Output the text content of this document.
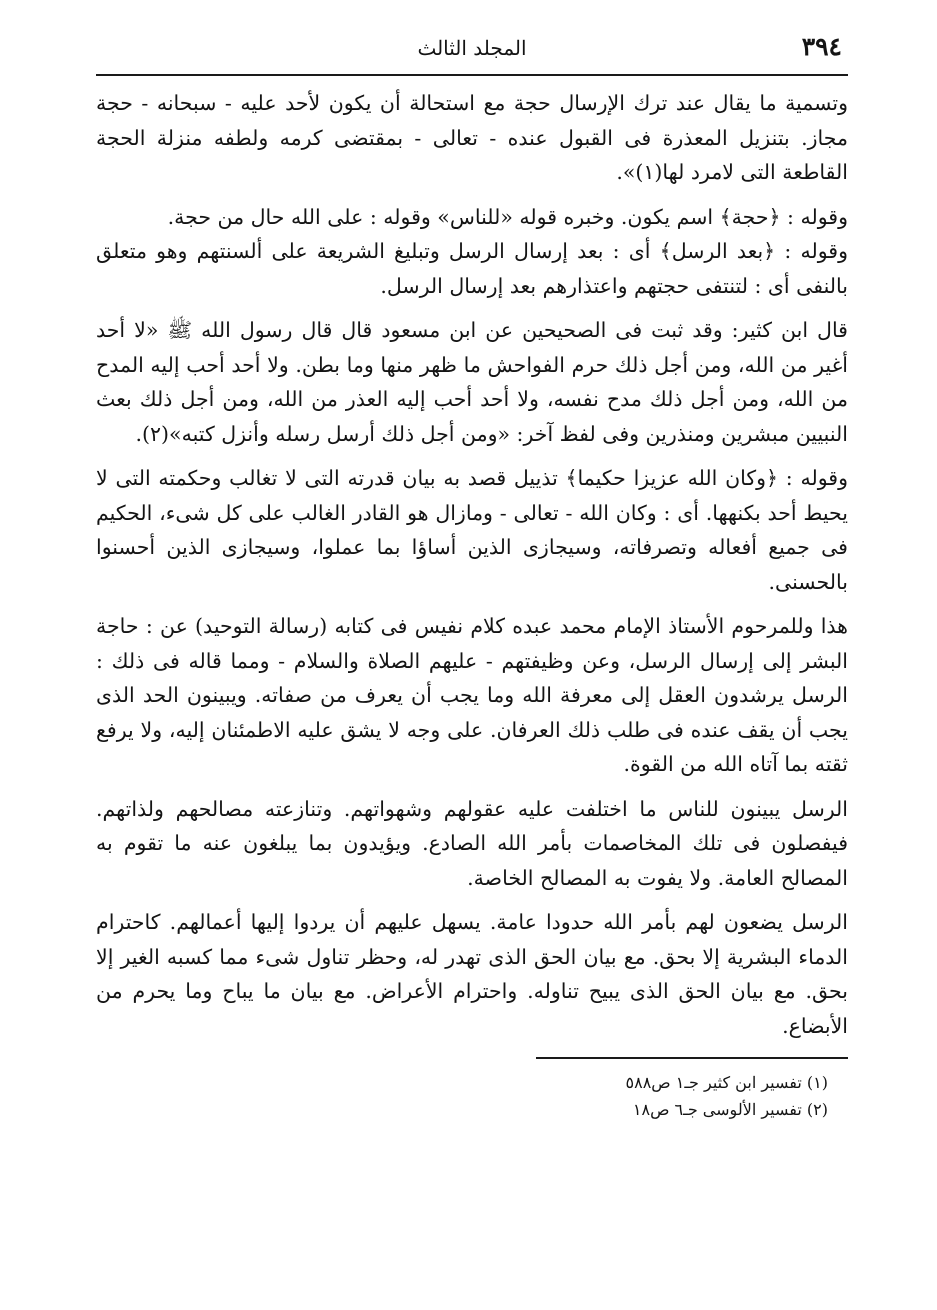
٣٩٤
المجلد الثالث

وتسمية ما يقال عند ترك الإرسال حجة مع استحالة أن يكون لأحد عليه - سبحانه - حجة مجاز. بتنزيل المعذرة فى القبول عنده - تعالى - بمقتضى كرمه ولطفه منزلة الحجة القاطعة التى لامرد لها(١)».

وقوله : ﴿حجة﴾ اسم يكون. وخبره قوله «للناس» وقوله : على الله حال من حجة.

وقوله : ﴿بعد الرسل﴾ أى : بعد إرسال الرسل وتبليغ الشريعة على ألسنتهم وهو متعلق بالنفى أى : لتنتفى حجتهم واعتذارهم بعد إرسال الرسل.

قال ابن كثير: وقد ثبت فى الصحيحين عن ابن مسعود قال قال رسول الله ﷺ «لا أحد أغير من الله، ومن أجل ذلك حرم الفواحش ما ظهر منها وما بطن. ولا أحد أحب إليه المدح من الله، ومن أجل ذلك مدح نفسه، ولا أحد أحب إليه العذر من الله، ومن أجل ذلك بعث النبيين مبشرين ومنذرين وفى لفظ آخر: «ومن أجل ذلك أرسل رسله وأنزل كتبه»(٢).

وقوله : ﴿وكان الله عزيزا حكيما﴾ تذييل قصد به بيان قدرته التى لا تغالب وحكمته التى لا يحيط أحد بكنهها. أى : وكان الله - تعالى - ومازال هو القادر الغالب على كل شىء، الحكيم فى جميع أفعاله وتصرفاته، وسيجازى الذين أساؤا بما عملوا، وسيجازى الذين أحسنوا بالحسنى.

هذا وللمرحوم الأستاذ الإمام محمد عبده كلام نفيس فى كتابه (رسالة التوحيد) عن : حاجة البشر إلى إرسال الرسل، وعن وظيفتهم - عليهم الصلاة والسلام - ومما قاله فى ذلك : الرسل يرشدون العقل إلى معرفة الله وما يجب أن يعرف من صفاته. ويبينون الحد الذى يجب أن يقف عنده فى طلب ذلك العرفان. على وجه لا يشق عليه الاطمئنان إليه، ولا يرفع ثقته بما آتاه الله من القوة.

الرسل يبينون للناس ما اختلفت عليه عقولهم وشهواتهم. وتنازعته مصالحهم ولذاتهم. فيفصلون فى تلك المخاصمات بأمر الله الصادع. ويؤيدون بما يبلغون عنه ما تقوم به المصالح العامة. ولا يفوت به المصالح الخاصة.

الرسل يضعون لهم بأمر الله حدودا عامة. يسهل عليهم أن يردوا إليها أعمالهم. كاحترام الدماء البشرية إلا بحق. مع بيان الحق الذى تهدر له، وحظر تناول شىء مما كسبه الغير إلا بحق. مع بيان الحق الذى يبيح تناوله. واحترام الأعراض. مع بيان ما يباح وما يحرم من الأبضاع.

(١) تفسير ابن كثير جـ١ ص٥٨٨
(٢) تفسير الألوسى جـ٦ ص١٨
